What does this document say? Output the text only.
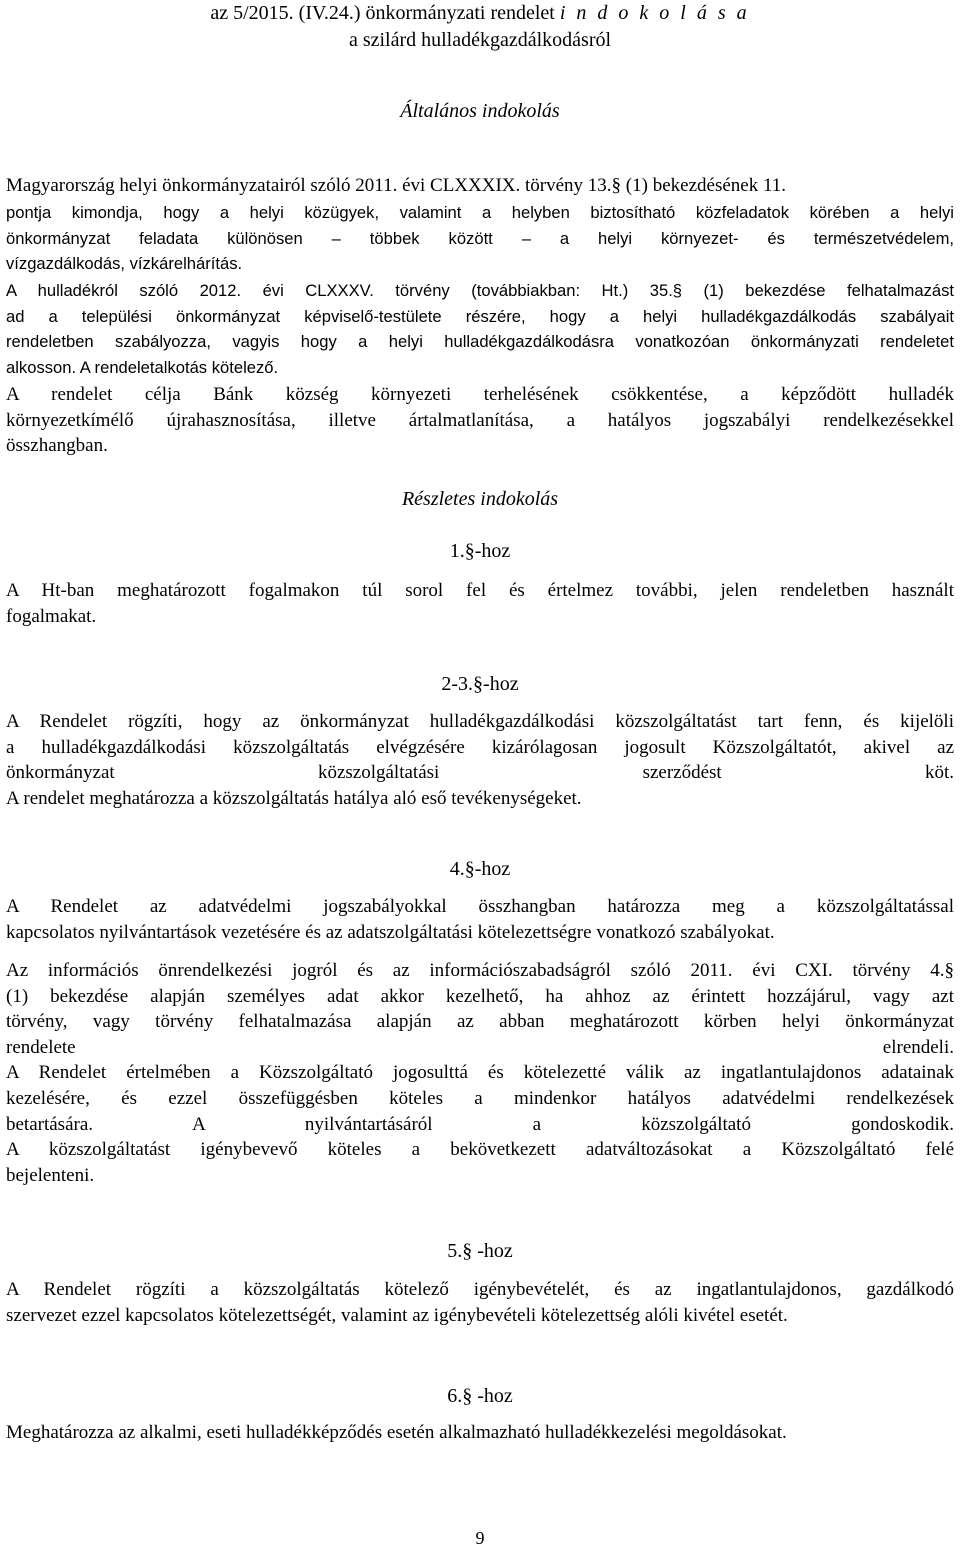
az 5/2015. (IV.24.) önkormányzati rendelet i n d o k o l á s a
a szilárd hulladékgazdálkodásról
Általános indokolás
Magyarország helyi önkormányzatairól szóló 2011. évi CLXXXIX. törvény 13.§ (1) bekezdésének 11.
pontja kimondja, hogy a helyi közügyek, valamint a helyben biztosítható közfeladatok körében a helyi
önkormányzat feladata különösen – többek között – a helyi környezet- és természetvédelem,
vízgazdálkodás, vízkárelhárítás.
A hulladékról szóló 2012. évi CLXXXV. törvény (továbbiakban: Ht.) 35.§ (1) bekezdése felhatalmazást
ad a települési önkormányzat képviselő-testülete részére, hogy a helyi hulladékgazdálkodás szabályait
rendeletben szabályozza, vagyis hogy a helyi hulladékgazdálkodásra vonatkozóan önkormányzati rendeletet
alkosson. A rendeletalkotás kötelező.
A rendelet célja Bánk község környezeti terhelésének csökkentése, a képződött hulladék
környezetkímélő újrahasznosítása, illetve ártalmatlanítása, a hatályos jogszabályi rendelkezésekkel
összhangban.
Részletes indokolás
1.§-hoz
A Ht-ban meghatározott fogalmakon túl sorol fel és értelmez további, jelen rendeletben használt
fogalmakat.
2-3.§-hoz
A Rendelet rögzíti, hogy az önkormányzat hulladékgazdálkodási közszolgáltatást tart fenn, és kijelöli
a hulladékgazdálkodási közszolgáltatás elvégzésére kizárólagosan jogosult Közszolgáltatót, akivel az
önkormányzat közszolgáltatási szerződést köt.
A rendelet meghatározza a közszolgáltatás hatálya aló eső tevékenységeket.
4.§-hoz
A Rendelet az adatvédelmi jogszabályokkal összhangban határozza meg a közszolgáltatással
kapcsolatos nyilvántartások vezetésére és az adatszolgáltatási kötelezettségre vonatkozó szabályokat.
Az információs önrendelkezési jogról és az információszabadságról szóló 2011. évi CXI. törvény 4.§
(1) bekezdése alapján személyes adat akkor kezelhető, ha ahhoz az érintett hozzájárul, vagy azt
törvény, vagy törvény felhatalmazása alapján az abban meghatározott körben helyi önkormányzat
rendelete elrendeli.
A Rendelet értelmében a Közszolgáltató jogosulttá és kötelezetté válik az ingatlantulajdonos adatainak
kezelésére, és ezzel összefüggésben köteles a mindenkor hatályos adatvédelmi rendelkezések
betartására. A nyilvántartásáról a közszolgáltató gondoskodik.
A közszolgáltatást igénybevevő köteles a bekövetkezett adatváltozásokat a Közszolgáltató felé
bejelenteni.
5.§ -hoz
A Rendelet rögzíti a közszolgáltatás kötelező igénybevételét, és az ingatlantulajdonos, gazdálkodó
szervezet ezzel kapcsolatos kötelezettségét, valamint az igénybevételi kötelezettség alóli kivétel esetét.
6.§ -hoz
Meghatározza az alkalmi, eseti hulladékképződés esetén alkalmazható hulladékkezelési megoldásokat.
9
